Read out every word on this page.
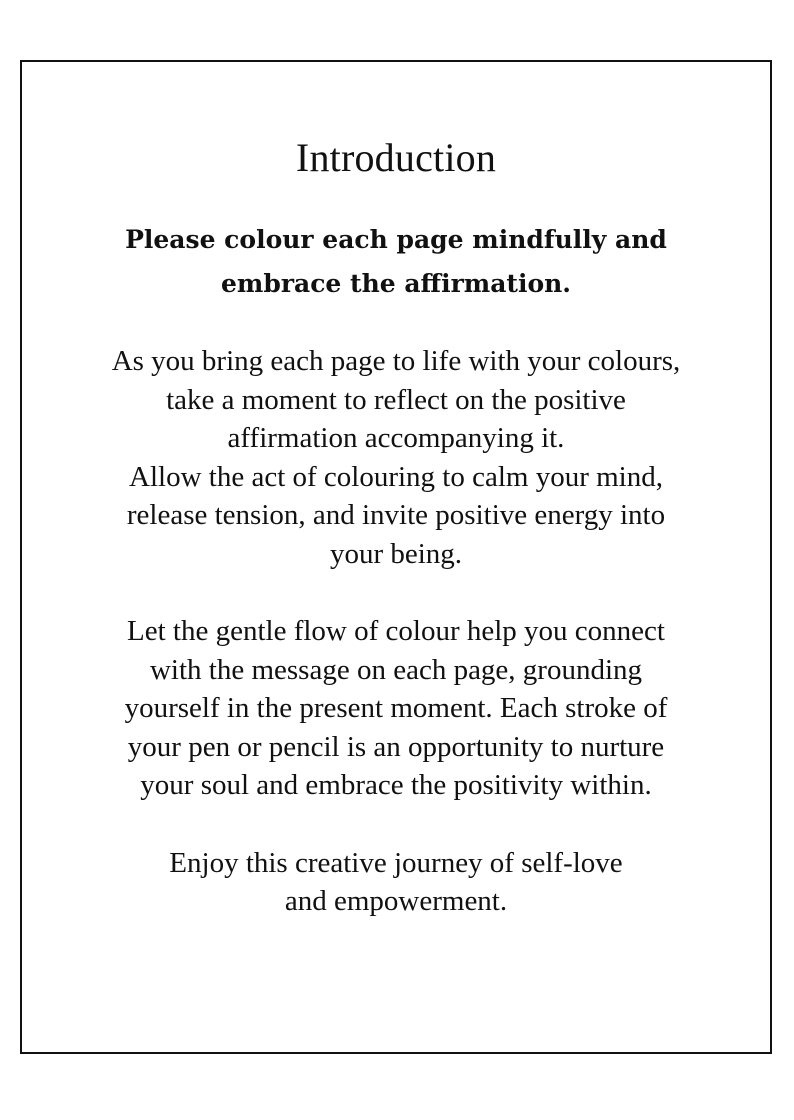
Introduction

Please colour each page mindfully and
embrace the affirmation.

As you bring each page to life with your colours,
take a moment to reflect on the positive
affirmation accompanying it.
Allow the act of colouring to calm your mind,
release tension, and invite positive energy into
your being.

Let the gentle flow of colour help you connect
with the message on each page, grounding
yourself in the present moment. Each stroke of
your pen or pencil is an opportunity to nurture
your soul and embrace the positivity within.

Enjoy this creative journey of self-love
and empowerment.
